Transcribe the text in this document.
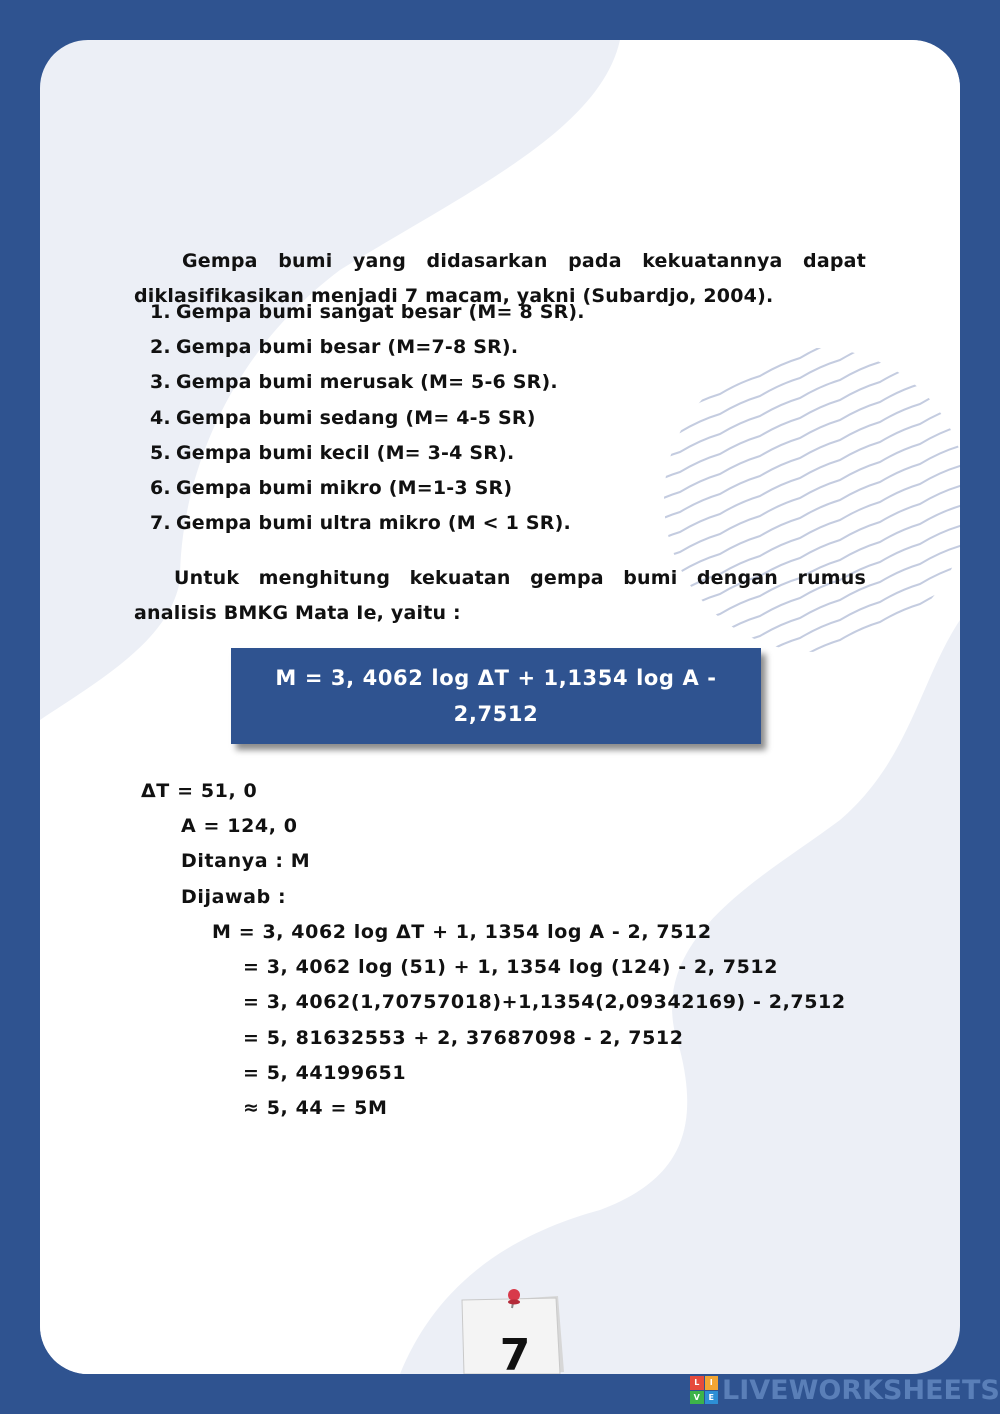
Gempa bumi yang didasarkan pada kekuatannya dapat diklasifikasikan menjadi 7 macam, yakni (Subardjo, 2004).

1. Gempa bumi sangat besar (M= 8 SR).
2. Gempa bumi besar (M=7-8 SR).
3. Gempa bumi merusak (M= 5-6 SR).
4. Gempa bumi sedang (M= 4-5 SR)
5. Gempa bumi kecil (M= 3-4 SR).
6. Gempa bumi mikro (M=1-3 SR)
7. Gempa bumi ultra mikro (M < 1 SR).

Untuk menghitung kekuatan gempa bumi dengan rumus analisis BMKG Mata Ie, yaitu :

M = 3, 4062 log ΔT + 1,1354 log A -
2,7512
ΔT = 51, 0
A = 124, 0
Ditanya : M
Dijawab :
M = 3, 4062 log ΔT + 1, 1354 log A - 2, 7512
= 3, 4062 log (51) + 1, 1354 log (124) - 2, 7512
= 3, 4062(1,70757018)+1,1354(2,09342169) - 2,7512
= 5, 81632553 + 2, 37687098 - 2, 7512
= 5, 44199651
≈ 5, 44 = 5M
7
L	I
V	E LIVEWORKSHEETS
